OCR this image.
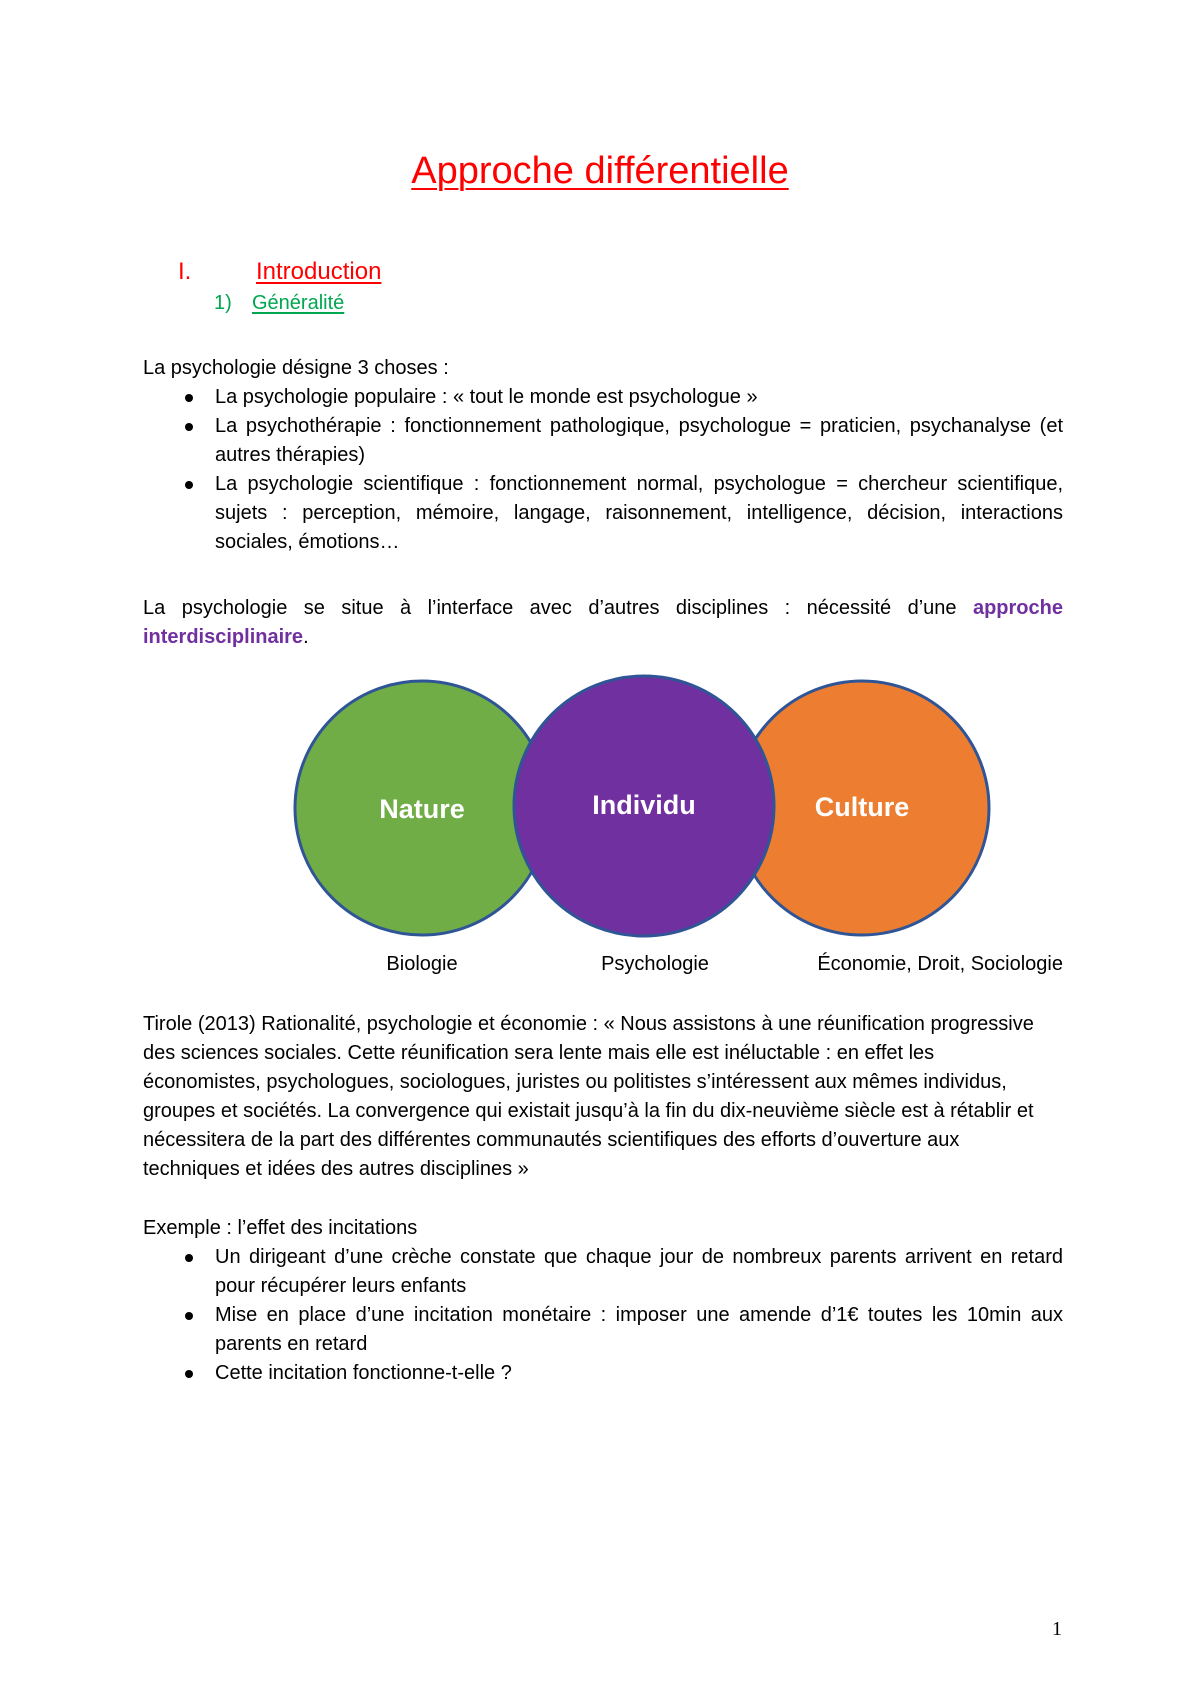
Approche différentielle
I.	Introduction
1) Généralité

La psychologie désigne 3 choses :

La psychologie populaire : « tout le monde est psychologue »
La psychothérapie : fonctionnement pathologique, psychologue = praticien, psychanalyse (et autres thérapies)
La psychologie scientifique : fonctionnement normal, psychologue = chercheur scientifique, sujets : perception, mémoire, langage, raisonnement, intelligence, décision, interactions sociales, émotions…

La psychologie se situe à l’interface avec d’autres disciplines : nécessité d’une approche interdisciplinaire.

Nature	Individu	Culture
Biologie	Psychologie	Économie, Droit, Sociologie

Tirole (2013) Rationalité, psychologie et économie : « Nous assistons à une réunification progressive des sciences sociales. Cette réunification sera lente mais elle est inéluctable : en effet les économistes, psychologues, sociologues, juristes ou politistes s’intéressent aux mêmes individus, groupes et sociétés. La convergence qui existait jusqu’à la fin du dix-neuvième siècle est à rétablir et nécessitera de la part des différentes communautés scientifiques des efforts d’ouverture aux techniques et idées des autres disciplines »

Exemple : l’effet des incitations

Un dirigeant d’une crèche constate que chaque jour de nombreux parents arrivent en retard pour récupérer leurs enfants
Mise en place d’une incitation monétaire : imposer une amende d’1€ toutes les 10min aux parents en retard
Cette incitation fonctionne-t-elle ?
1
